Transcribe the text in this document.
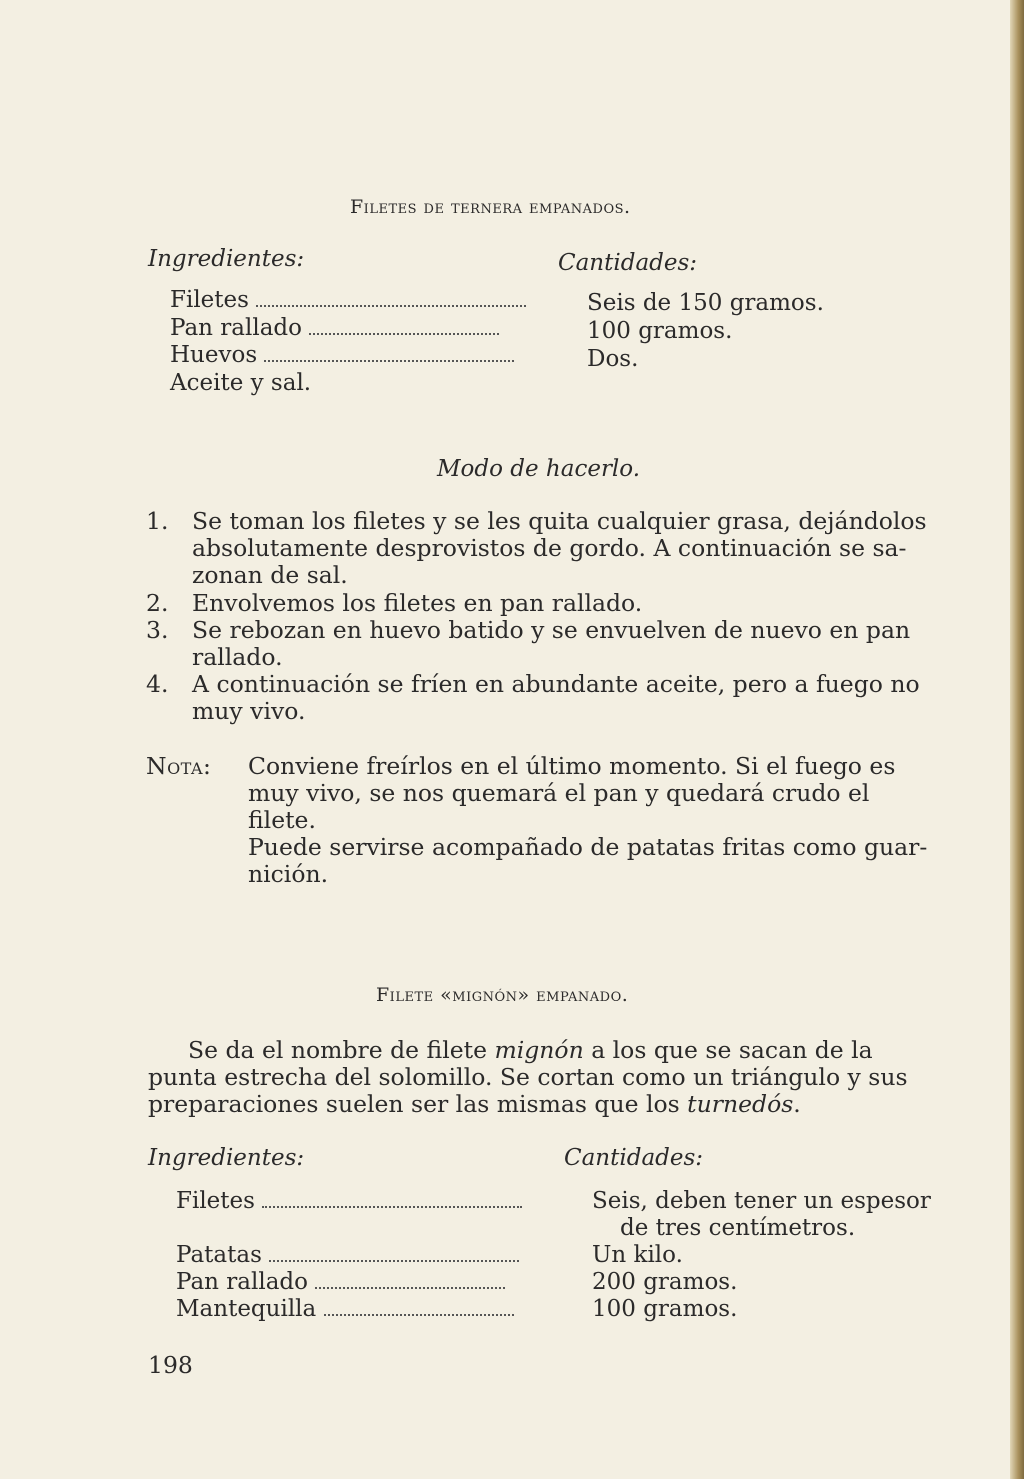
Filetes de ternera empanados.
Ingredientes:	Cantidades:
Filetes	Seis de 150 gramos.
Pan rallado	100 gramos.
Huevos	Dos.
Aceite y sal.
Modo de hacerlo.
1. Se toman los filetes y se les quita cualquier grasa, dejándolos
absolutamente desprovistos de gordo. A continuación se sa-
zonan de sal.
2. Envolvemos los filetes en pan rallado.
3. Se rebozan en huevo batido y se envuelven de nuevo en pan
rallado.
4. A continuación se fríen en abundante aceite, pero a fuego no
muy vivo.
Nota: Conviene freírlos en el último momento. Si el fuego es
muy vivo, se nos quemará el pan y quedará crudo el
filete.
Puede servirse acompañado de patatas fritas como guar-
nición.
Filete «mignón» empanado.
Se da el nombre de filete mignón a los que se sacan de la
punta estrecha del solomillo. Se cortan como un triángulo y sus
preparaciones suelen ser las mismas que los turnedós.
Ingredientes:	Cantidades:
Filetes	Seis, deben tener un espesor
de tres centímetros.
Patatas	Un kilo.
Pan rallado	200 gramos.
Mantequilla	100 gramos.
198
